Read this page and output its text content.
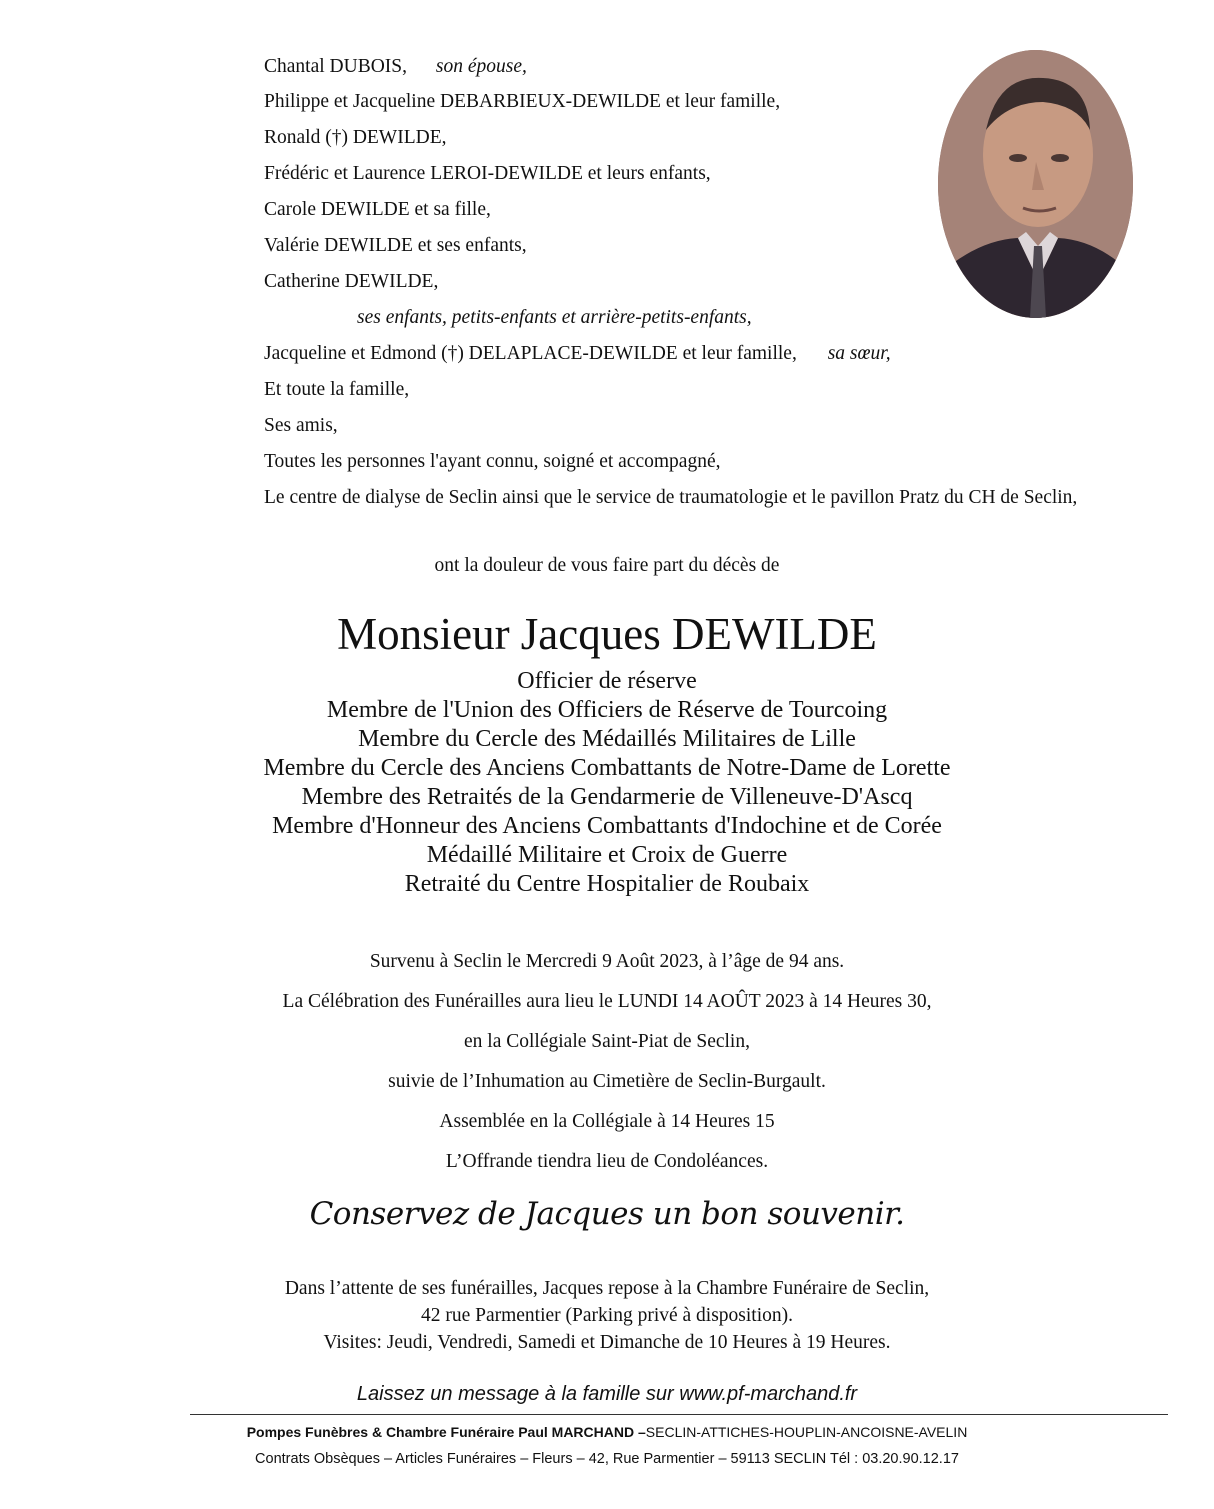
Chantal DUBOIS, son épouse,
Philippe et Jacqueline DEBARBIEUX-DEWILDE et leur famille,
Ronald (†) DEWILDE,
Frédéric et Laurence LEROI-DEWILDE et leurs enfants,
Carole DEWILDE et sa fille,
Valérie DEWILDE et ses enfants,
Catherine DEWILDE,
ses enfants, petits-enfants et arrière-petits-enfants,
Jacqueline et Edmond (†) DELAPLACE-DEWILDE et leur famille, sa sœur,
Et toute la famille,
Ses amis,
Toutes les personnes l'ayant connu, soigné et accompagné,
Le centre de dialyse de Seclin ainsi que le service de traumatologie et le pavillon Pratz du CH de Seclin,
ont la douleur de vous faire part du décès de
Monsieur Jacques DEWILDE
Officier de réserve
Membre de l'Union des Officiers de Réserve de Tourcoing
Membre du Cercle des Médaillés Militaires de Lille
Membre du Cercle des Anciens Combattants de Notre-Dame de Lorette
Membre des Retraités de la Gendarmerie de Villeneuve-D'Ascq
Membre d'Honneur des Anciens Combattants d'Indochine et de Corée
Médaillé Militaire et Croix de Guerre
Retraité du Centre Hospitalier de Roubaix
Survenu à Seclin le Mercredi 9 Août 2023, à l’âge de 94 ans.
La Célébration des Funérailles aura lieu le LUNDI 14 AOÛT 2023 à 14 Heures 30,
en la Collégiale Saint-Piat de Seclin,
suivie de l’Inhumation au Cimetière de Seclin-Burgault.
Assemblée en la Collégiale à 14 Heures 15
L’Offrande tiendra lieu de Condoléances.
Conservez de Jacques un bon souvenir.
Dans l’attente de ses funérailles, Jacques repose à la Chambre Funéraire de Seclin,
42 rue Parmentier (Parking privé à disposition).
Visites: Jeudi, Vendredi, Samedi et Dimanche de 10 Heures à 19 Heures.
Laissez un message à la famille sur www.pf-marchand.fr
Pompes Funèbres & Chambre Funéraire Paul MARCHAND –SECLIN-ATTICHES-HOUPLIN-ANCOISNE-AVELIN
Contrats Obsèques – Articles Funéraires – Fleurs – 42, Rue Parmentier – 59113 SECLIN Tél : 03.20.90.12.17
